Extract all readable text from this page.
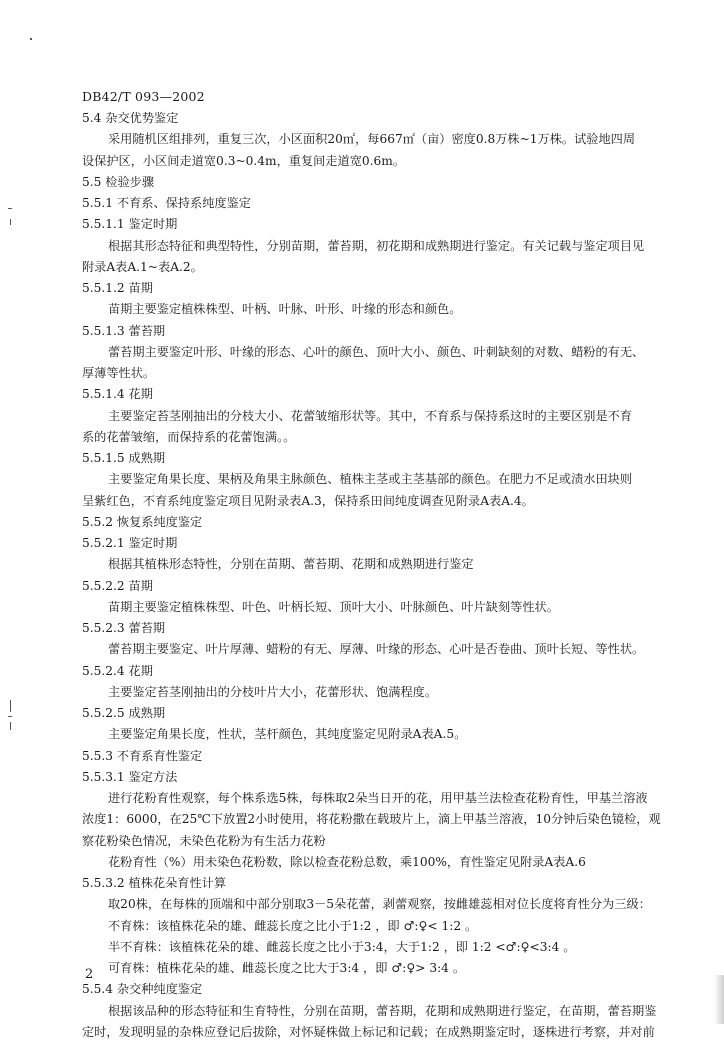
DB42/T 093—2002
5.4 杂交优势鉴定
采用随机区组排列，重复三次，小区面积20㎡，每667㎡（亩）密度0.8万株~1万株。试验地四周
设保护区，小区间走道宽0.3~0.4m，重复间走道宽0.6m。
5.5 检验步骤
5.5.1 不育系、保持系纯度鉴定
5.5.1.1 鉴定时期
根据其形态特征和典型特性，分别苗期，蕾苔期，初花期和成熟期进行鉴定。有关记载与鉴定项目见
附录A表A.1~表A.2。
5.5.1.2 苗期
苗期主要鉴定植株株型、叶柄、叶脉、叶形、叶缘的形态和颜色。
5.5.1.3 蕾苔期
蕾苔期主要鉴定叶形、叶缘的形态、心叶的颜色、顶叶大小、颜色、叶刺缺刻的对数、蜡粉的有无、
厚薄等性状。
5.5.1.4 花期
主要鉴定苔茎刚抽出的分枝大小、花蕾皱缩形状等。其中，不育系与保持系这时的主要区别是不育
系的花蕾皱缩，而保持系的花蕾饱满。。
5.5.1.5 成熟期
主要鉴定角果长度、果柄及角果主脉颜色、植株主茎或主茎基部的颜色。在肥力不足或渍水田块则
呈紫红色，不育系纯度鉴定项目见附录表A.3，保持系田间纯度调查见附录A表A.4。
5.5.2 恢复系纯度鉴定
5.5.2.1 鉴定时期
根据其植株形态特性，分别在苗期、蕾苔期、花期和成熟期进行鉴定
5.5.2.2 苗期
苗期主要鉴定植株株型、叶色、叶柄长短、顶叶大小、叶脉颜色、叶片缺刻等性状。
5.5.2.3 蕾苔期
蕾苔期主要鉴定、叶片厚薄、蜡粉的有无、厚薄、叶缘的形态、心叶是否卷曲、顶叶长短、等性状。
5.5.2.4 花期
主要鉴定苔茎刚抽出的分枝叶片大小，花蕾形状、饱满程度。
5.5.2.5 成熟期
主要鉴定角果长度，性状，茎杆颜色，其纯度鉴定见附录A表A.5。
5.5.3 不育系育性鉴定
5.5.3.1 鉴定方法
进行花粉育性观察，每个株系选5株，每株取2朵当日开的花，用甲基兰法检查花粉育性，甲基兰溶液
浓度1：6000，在25℃下放置2小时使用，将花粉撒在载玻片上，滴上甲基兰溶液，10分钟后染色镜检，观
察花粉染色情况，未染色花粉为有生活力花粉
花粉育性（%）用未染色花粉数，除以检查花粉总数，乘100%，育性鉴定见附录A表A.6
5.5.3.2 植株花朵育性计算
取20株，在每株的顶端和中部分别取3－5朵花蕾，剥蕾观察，按雌雄蕊相对位长度将育性分为三级：
不育株：该植株花朵的雄、雌蕊长度之比小于1:2 ，即 ♂:♀< 1:2 。
半不育株：该植株花朵的雄、雌蕊长度之比小于3:4，大于1:2 ，即 1:2 <♂:♀<3:4 。
可育株：植株花朵的雄、雌蕊长度之比大于3:4 ，即 ♂:♀> 3:4 。
5.5.4 杂交种纯度鉴定
根据该品种的形态特征和生育特性，分别在苗期，蕾苔期，花期和成熟期进行鉴定，在苗期，蕾苔期鉴
定时，发现明显的杂株应登记后拔除，对怀疑株做上标记和记载；在成熟期鉴定时，逐株进行考察，并对前
2
